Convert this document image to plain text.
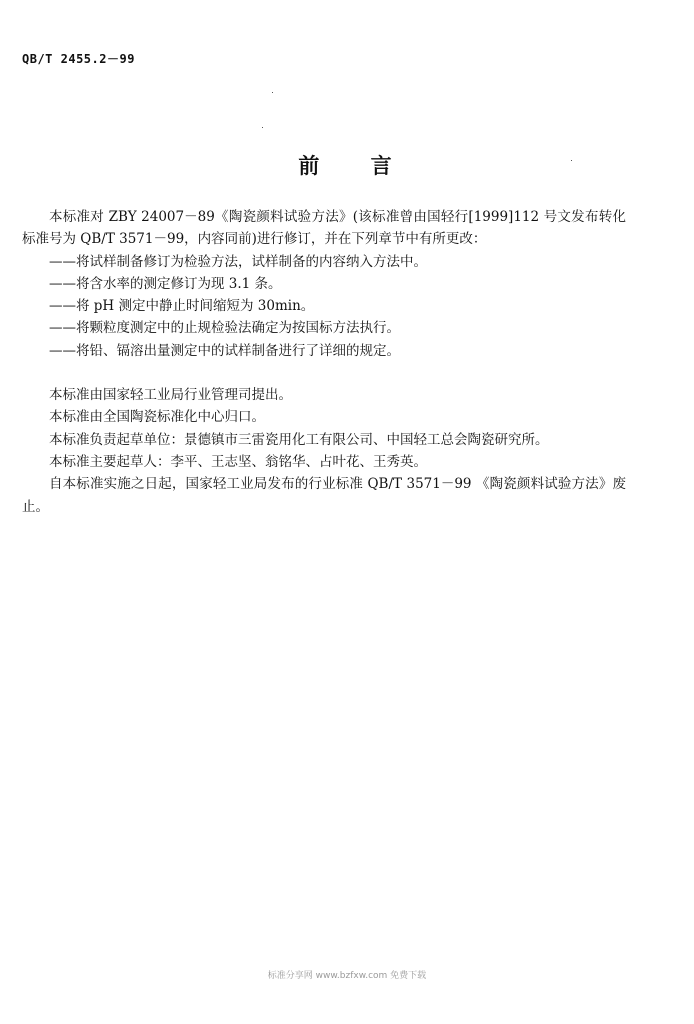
QB/T 2455.2－99
前 言

本标准对 ZBY 24007－89《陶瓷颜料试验方法》(该标准曾由国轻行[1999]112 号文发布转化标准号为 QB/T 3571－99，内容同前)进行修订，并在下列章节中有所更改：

——将试样制备修订为检验方法，试样制备的内容纳入方法中。

——将含水率的测定修订为现 3.1 条。

——将 pH 测定中静止时间缩短为 30min。

——将颗粒度测定中的止规检验法确定为按国标方法执行。

——将铅、镉溶出量测定中的试样制备进行了详细的规定。

本标准由国家轻工业局行业管理司提出。

本标准由全国陶瓷标准化中心归口。

本标准负责起草单位：景德镇市三雷瓷用化工有限公司、中国轻工总会陶瓷研究所。

本标准主要起草人：李平、王志坚、翁铭华、占叶花、王秀英。

自本标准实施之日起，国家轻工业局发布的行业标准 QB/T 3571－99 《陶瓷颜料试验方法》废止。

标准分享网 www.bzfxw.com 免费下载
